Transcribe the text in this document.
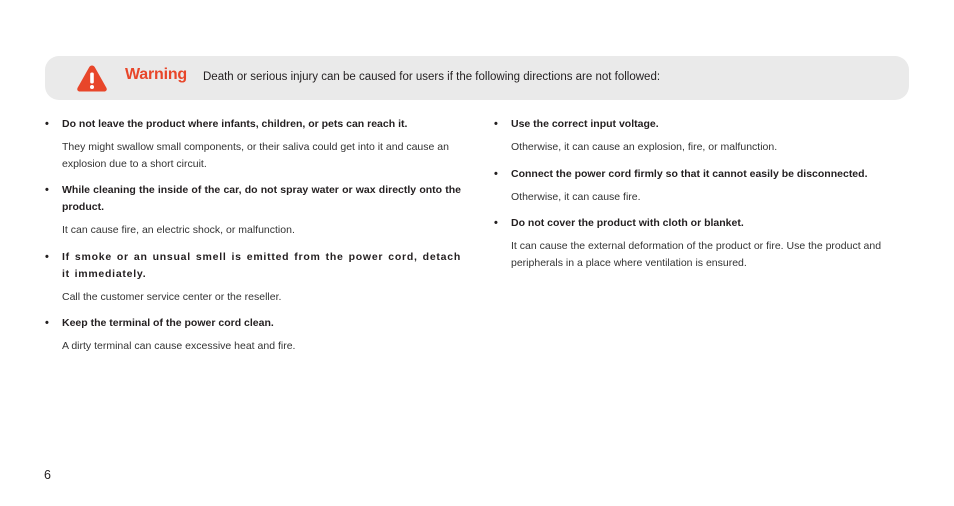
Warning Death or serious injury can be caused for users if the following directions are not followed:
• Do not leave the product where infants, children, or pets can reach it.

They might swallow small components, or their saliva could get into it and cause an explosion due to a short circuit.

• While cleaning the inside of the car, do not spray water or wax directly onto the product.

It can cause fire, an electric shock, or malfunction.

• If smoke or an unsual smell is emitted from the power cord, detach it immediately.

Call the customer service center or the reseller.

• Keep the terminal of the power cord clean.

A dirty terminal can cause excessive heat and fire.

• Use the correct input voltage.

Otherwise, it can cause an explosion, fire, or malfunction.

• Connect the power cord firmly so that it cannot easily be disconnected.

Otherwise, it can cause fire.

• Do not cover the product with cloth or blanket.

It can cause the external deformation of the product or fire. Use the product and peripherals in a place where ventilation is ensured.

6
